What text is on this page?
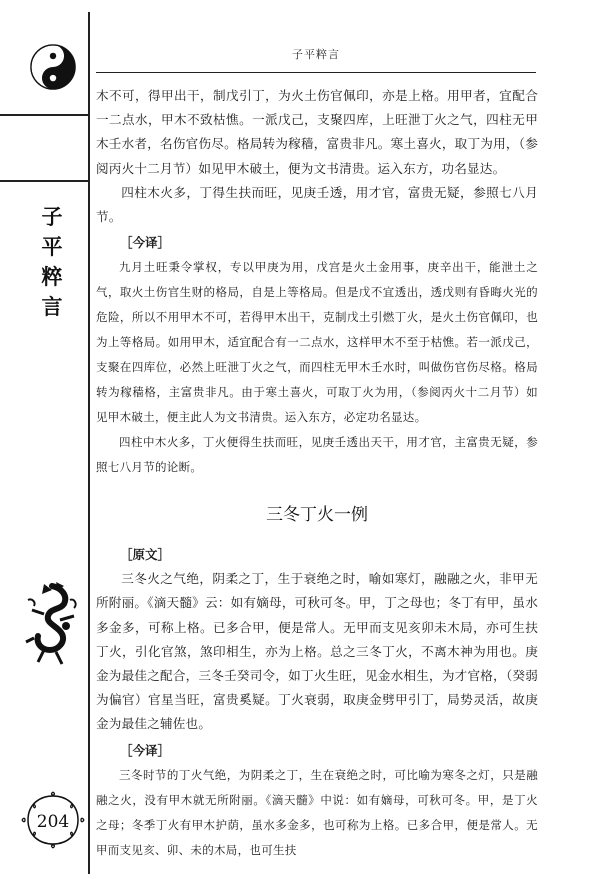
子
平
粹
言
204
子平粹言

木不可，得甲出干，制戊引丁，为火土伤官佩印，亦是上格。用甲者，宜配合一二点水，甲木不致枯憔。一派戊己，支聚四库，上旺泄丁火之气，四柱无甲木壬水者，名伤官伤尽。格局转为稼穑，富贵非凡。寒土喜火，取丁为用，（参阅丙火十二月节）如见甲木破土，便为文书清贵。运入东方，功名显达。

四柱木火多，丁得生扶而旺，见庚壬透，用才官，富贵无疑，参照七八月节。

［今译］

九月土旺秉令掌权，专以甲庚为用，戊宫是火土金用事，庚辛出干，能泄土之气，取火土伤官生财的格局，自是上等格局。但是戊不宜透出，透戊则有昏晦火光的危险，所以不用甲木不可，若得甲木出干，克制戊土引燃丁火，是火土伤官佩印，也为上等格局。如用甲木，适宜配合有一二点水，这样甲木不至于枯憔。若一派戊己，支聚在四库位，必然上旺泄丁火之气，而四柱无甲木壬水时，叫做伤官伤尽格。格局转为稼穑格，主富贵非凡。由于寒土喜火，可取丁火为用，（参阅丙火十二月节）如见甲木破土，便主此人为文书清贵。运入东方，必定功名显达。

四柱中木火多，丁火便得生扶而旺，见庚壬透出天干，用才官，主富贵无疑，参照七八月节的论断。

三冬丁火一例
［原文］

三冬火之气绝，阴柔之丁，生于衰绝之时，喻如寒灯，融融之火，非甲无所附丽。《滴天髓》云：如有嫡母，可秋可冬。甲，丁之母也；冬丁有甲，虽水多金多，可称上格。已多合甲，便是常人。无甲而支见亥卯未木局，亦可生扶丁火，引化官煞，煞印相生，亦为上格。总之三冬丁火，不离木神为用也。庚金为最佳之配合，三冬壬癸司令，如丁火生旺，见金水相生，为才官格，（癸弱为偏官）官星当旺，富贵奚疑。丁火衰弱，取庚金劈甲引丁，局势灵活，故庚金为最佳之辅佐也。

［今译］

三冬时节的丁火气绝，为阴柔之丁，生在衰绝之时，可比喻为寒冬之灯，只是融融之火，没有甲木就无所附丽。《滴天髓》中说：如有嫡母，可秋可冬。甲，是丁火之母；冬季丁火有甲木护荫，虽水多金多，也可称为上格。已多合甲，便是常人。无甲而支见亥、卯、未的木局，也可生扶
